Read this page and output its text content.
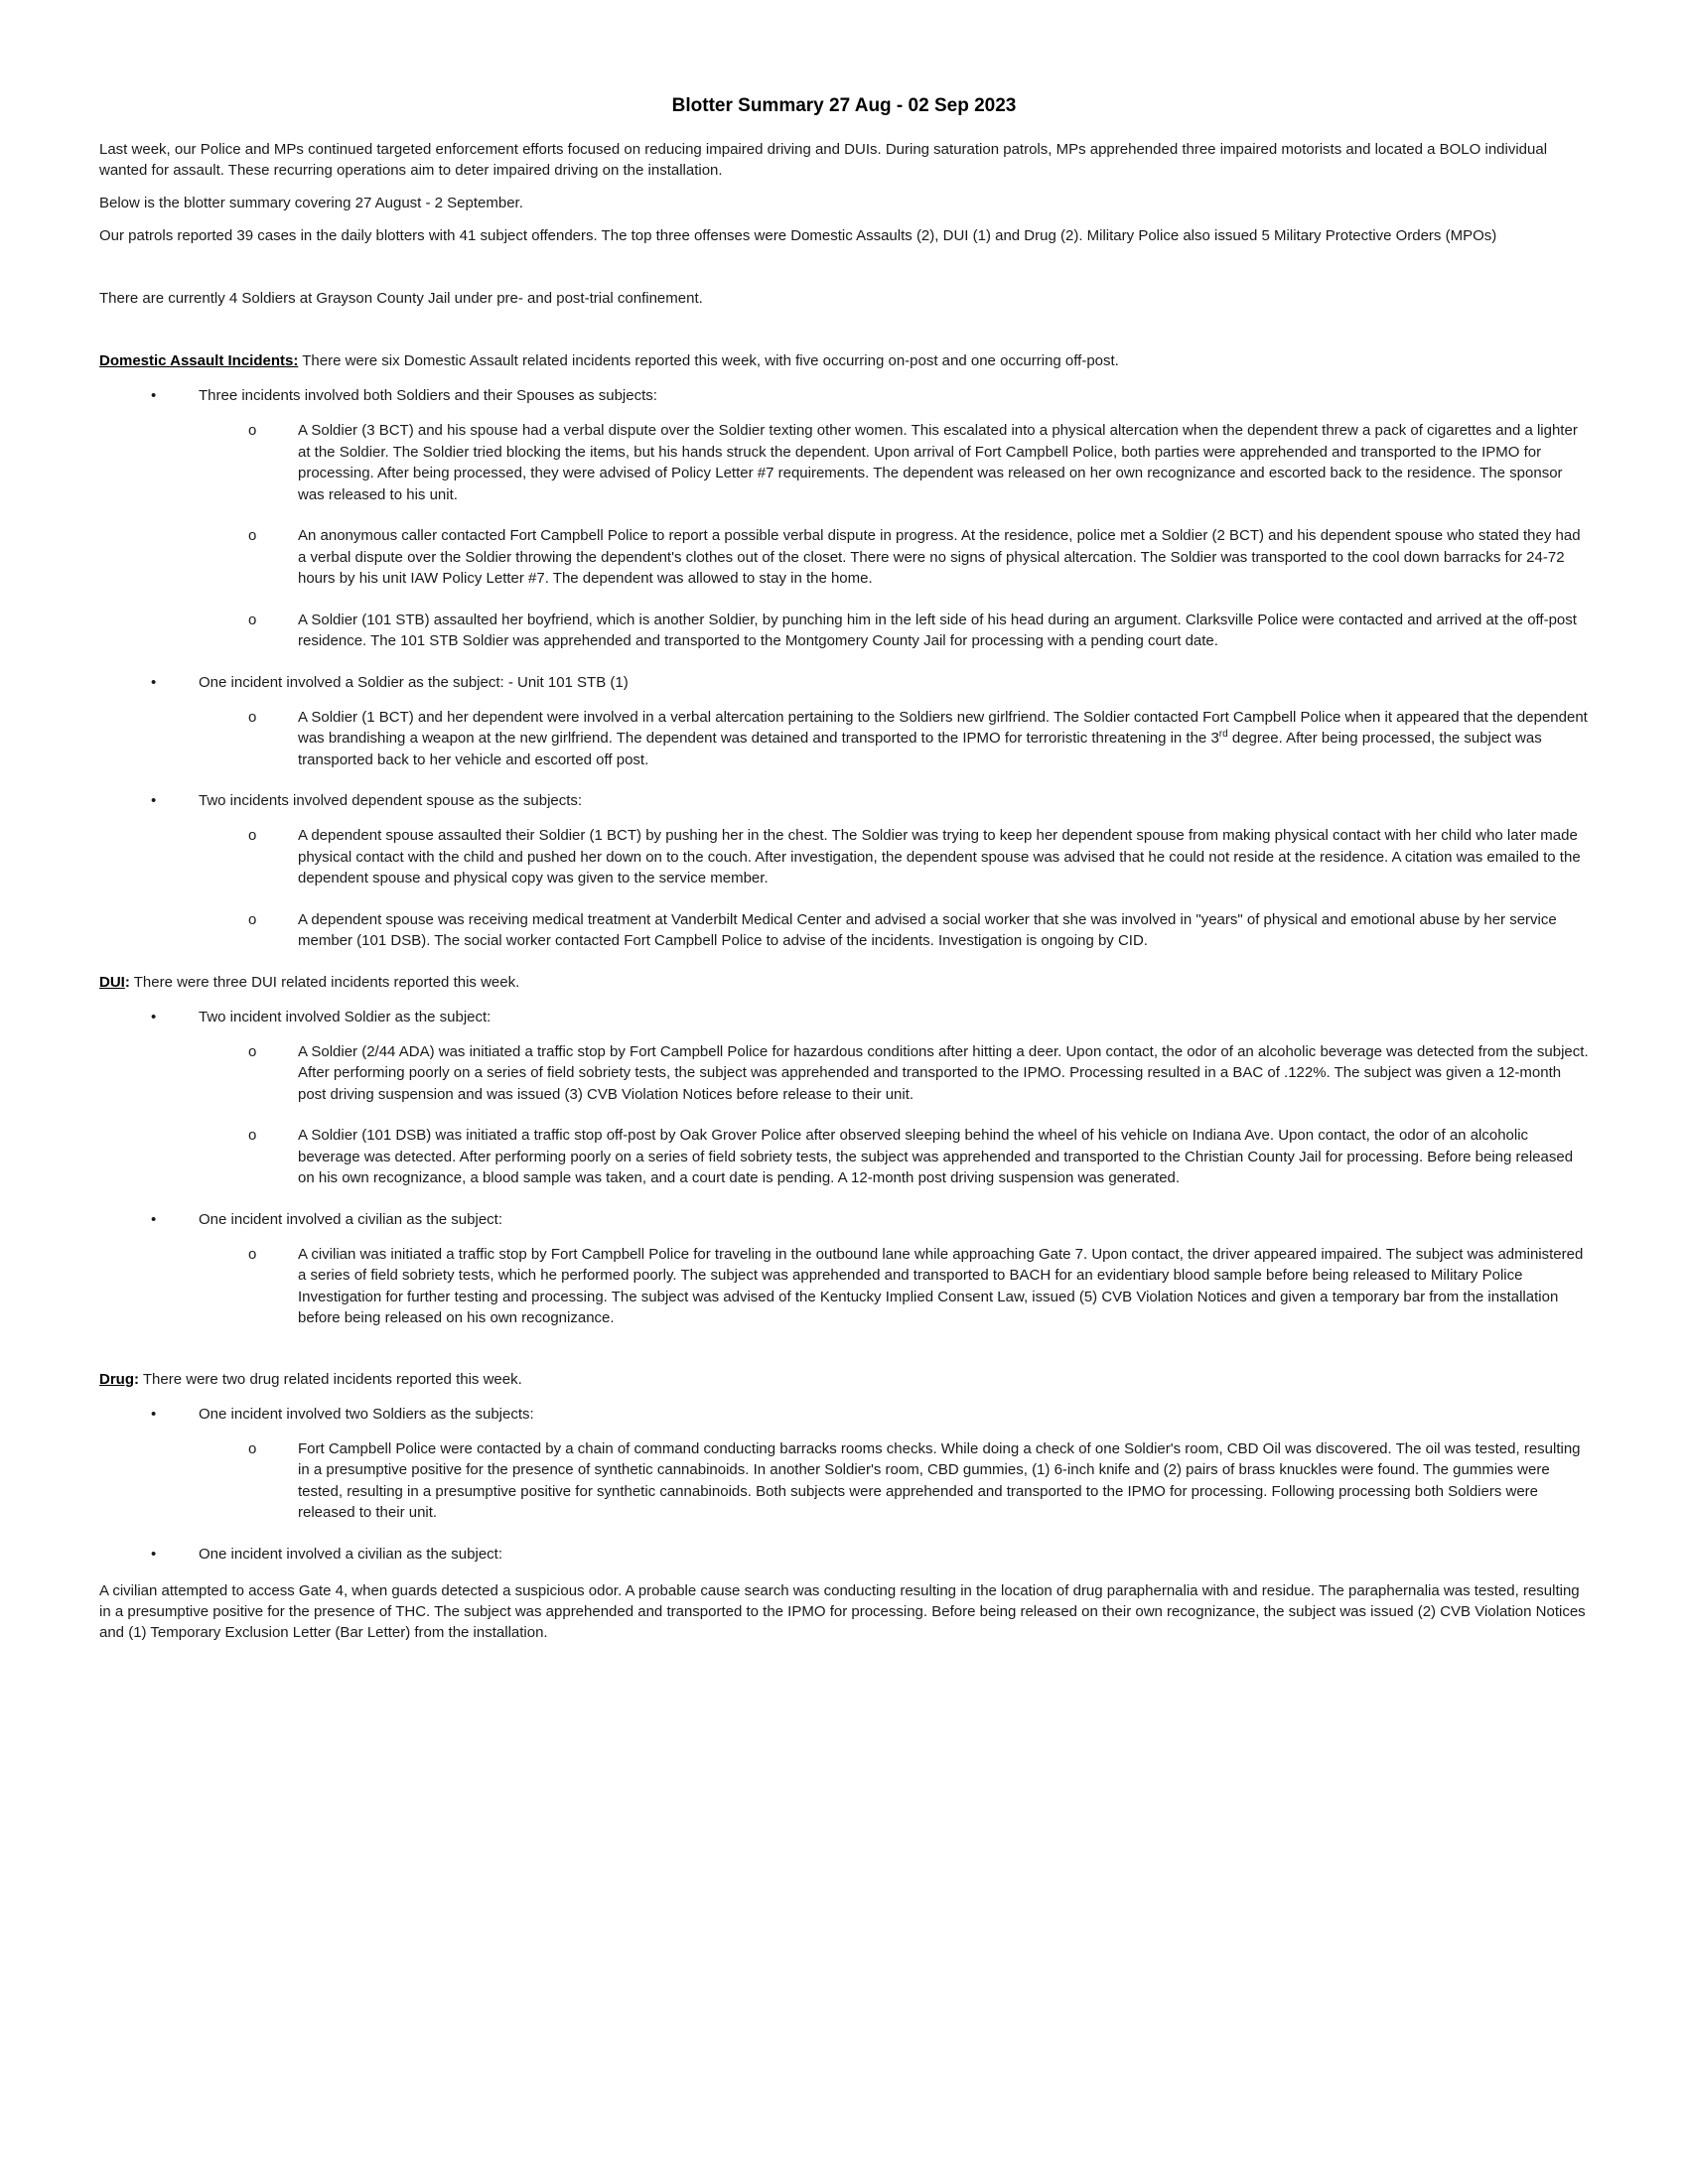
Blotter Summary 27 Aug - 02 Sep 2023

Last week, our Police and MPs continued targeted enforcement efforts focused on reducing impaired driving and DUIs. During saturation patrols, MPs apprehended three impaired motorists and located a BOLO individual wanted for assault. These recurring operations aim to deter impaired driving on the installation.

Below is the blotter summary covering 27 August - 2 September.

Our patrols reported 39 cases in the daily blotters with 41 subject offenders. The top three offenses were Domestic Assaults (2), DUI (1) and Drug (2). Military Police also issued 5 Military Protective Orders (MPOs)

There are currently 4 Soldiers at Grayson County Jail under pre- and post-trial confinement.

Domestic Assault Incidents: There were six Domestic Assault related incidents reported this week, with five occurring on-post and one occurring off-post.
•	Three incidents involved both Soldiers and their Spouses as subjects:
o	A Soldier (3 BCT) and his spouse had a verbal dispute over the Soldier texting other women. This escalated into a physical altercation when the dependent threw a pack of cigarettes and a lighter at the Soldier. The Soldier tried blocking the items, but his hands struck the dependent. Upon arrival of Fort Campbell Police, both parties were apprehended and transported to the IPMO for processing. After being processed, they were advised of Policy Letter #7 requirements. The dependent was released on her own recognizance and escorted back to the residence. The sponsor was released to his unit.
o	An anonymous caller contacted Fort Campbell Police to report a possible verbal dispute in progress. At the residence, police met a Soldier (2 BCT) and his dependent spouse who stated they had a verbal dispute over the Soldier throwing the dependent's clothes out of the closet. There were no signs of physical altercation. The Soldier was transported to the cool down barracks for 24-72 hours by his unit IAW Policy Letter #7. The dependent was allowed to stay in the home.
o	A Soldier (101 STB) assaulted her boyfriend, which is another Soldier, by punching him in the left side of his head during an argument. Clarksville Police were contacted and arrived at the off-post residence. The 101 STB Soldier was apprehended and transported to the Montgomery County Jail for processing with a pending court date.
•	One incident involved a Soldier as the subject: - Unit 101 STB (1)
o	A Soldier (1 BCT) and her dependent were involved in a verbal altercation pertaining to the Soldiers new girlfriend. The Soldier contacted Fort Campbell Police when it appeared that the dependent was brandishing a weapon at the new girlfriend. The dependent was detained and transported to the IPMO for terroristic threatening in the 3rd degree. After being processed, the subject was transported back to her vehicle and escorted off post.
•	Two incidents involved dependent spouse as the subjects:
o	A dependent spouse assaulted their Soldier (1 BCT) by pushing her in the chest. The Soldier was trying to keep her dependent spouse from making physical contact with her child who later made physical contact with the child and pushed her down on to the couch. After investigation, the dependent spouse was advised that he could not reside at the residence. A citation was emailed to the dependent spouse and physical copy was given to the service member.
o	A dependent spouse was receiving medical treatment at Vanderbilt Medical Center and advised a social worker that she was involved in "years" of physical and emotional abuse by her service member (101 DSB). The social worker contacted Fort Campbell Police to advise of the incidents. Investigation is ongoing by CID.
DUI: There were three DUI related incidents reported this week.
•	Two incident involved Soldier as the subject:
o	A Soldier (2/44 ADA) was initiated a traffic stop by Fort Campbell Police for hazardous conditions after hitting a deer. Upon contact, the odor of an alcoholic beverage was detected from the subject. After performing poorly on a series of field sobriety tests, the subject was apprehended and transported to the IPMO. Processing resulted in a BAC of .122%. The subject was given a 12-month post driving suspension and was issued (3) CVB Violation Notices before release to their unit.
o	A Soldier (101 DSB) was initiated a traffic stop off-post by Oak Grover Police after observed sleeping behind the wheel of his vehicle on Indiana Ave. Upon contact, the odor of an alcoholic beverage was detected. After performing poorly on a series of field sobriety tests, the subject was apprehended and transported to the Christian County Jail for processing. Before being released on his own recognizance, a blood sample was taken, and a court date is pending. A 12-month post driving suspension was generated.
•	One incident involved a civilian as the subject:
o	A civilian was initiated a traffic stop by Fort Campbell Police for traveling in the outbound lane while approaching Gate 7. Upon contact, the driver appeared impaired. The subject was administered a series of field sobriety tests, which he performed poorly. The subject was apprehended and transported to BACH for an evidentiary blood sample before being released to Military Police Investigation for further testing and processing. The subject was advised of the Kentucky Implied Consent Law, issued (5) CVB Violation Notices and given a temporary bar from the installation before being released on his own recognizance.
Drug: There were two drug related incidents reported this week.
•	One incident involved two Soldiers as the subjects:
o	Fort Campbell Police were contacted by a chain of command conducting barracks rooms checks. While doing a check of one Soldier's room, CBD Oil was discovered. The oil was tested, resulting in a presumptive positive for the presence of synthetic cannabinoids. In another Soldier's room, CBD gummies, (1) 6-inch knife and (2) pairs of brass knuckles were found. The gummies were tested, resulting in a presumptive positive for synthetic cannabinoids. Both subjects were apprehended and transported to the IPMO for processing. Following processing both Soldiers were released to their unit.
•	One incident involved a civilian as the subject:

A civilian attempted to access Gate 4, when guards detected a suspicious odor. A probable cause search was conducting resulting in the location of drug paraphernalia with and residue. The paraphernalia was tested, resulting in a presumptive positive for the presence of THC. The subject was apprehended and transported to the IPMO for processing. Before being released on their own recognizance, the subject was issued (2) CVB Violation Notices and (1) Temporary Exclusion Letter (Bar Letter) from the installation.
